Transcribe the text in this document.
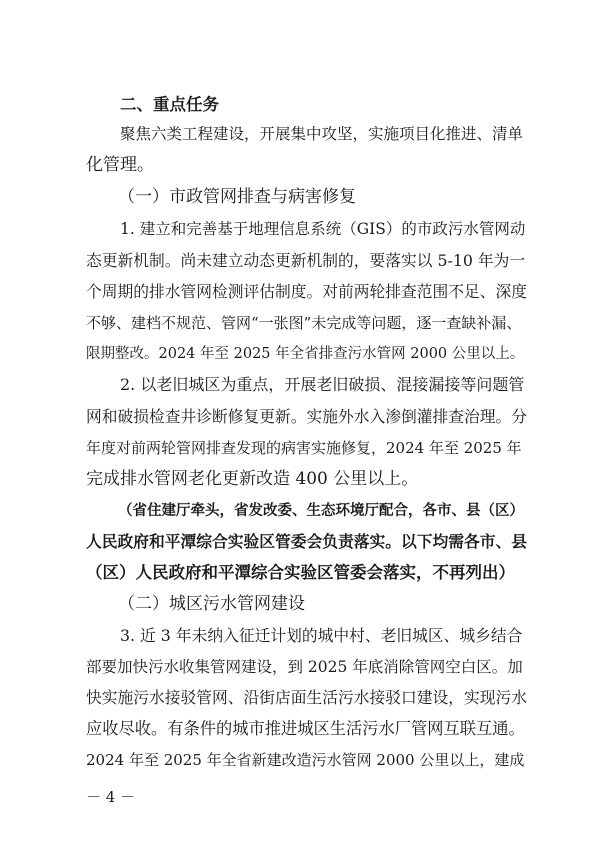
二、重点任务
聚焦六类工程建设，开展集中攻坚，实施项目化推进、清单
化管理。
（一）市政管网排查与病害修复
1. 建立和完善基于地理信息系统（GIS）的市政污水管网动
态更新机制。尚未建立动态更新机制的，要落实以 5-10 年为一
个周期的排水管网检测评估制度。对前两轮排查范围不足、深度
不够、建档不规范、管网“一张图”未完成等问题，逐一查缺补漏、
限期整改。2024 年至 2025 年全省排查污水管网 2000 公里以上。
2. 以老旧城区为重点，开展老旧破损、混接漏接等问题管
网和破损检查井诊断修复更新。实施外水入渗倒灌排查治理。分
年度对前两轮管网排查发现的病害实施修复，2024 年至 2025 年
完成排水管网老化更新改造 400 公里以上。
（省住建厅牵头，省发改委、生态环境厅配合，各市、县（区）
人民政府和平潭综合实验区管委会负责落实。以下均需各市、县
（区）人民政府和平潭综合实验区管委会落实，不再列出）
（二）城区污水管网建设
3. 近 3 年未纳入征迁计划的城中村、老旧城区、城乡结合
部要加快污水收集管网建设，到 2025 年底消除管网空白区。加
快实施污水接驳管网、沿街店面生活污水接驳口建设，实现污水
应收尽收。有条件的城市推进城区生活污水厂管网互联互通。
2024 年至 2025 年全省新建改造污水管网 2000 公里以上，建成
－ 4 －
